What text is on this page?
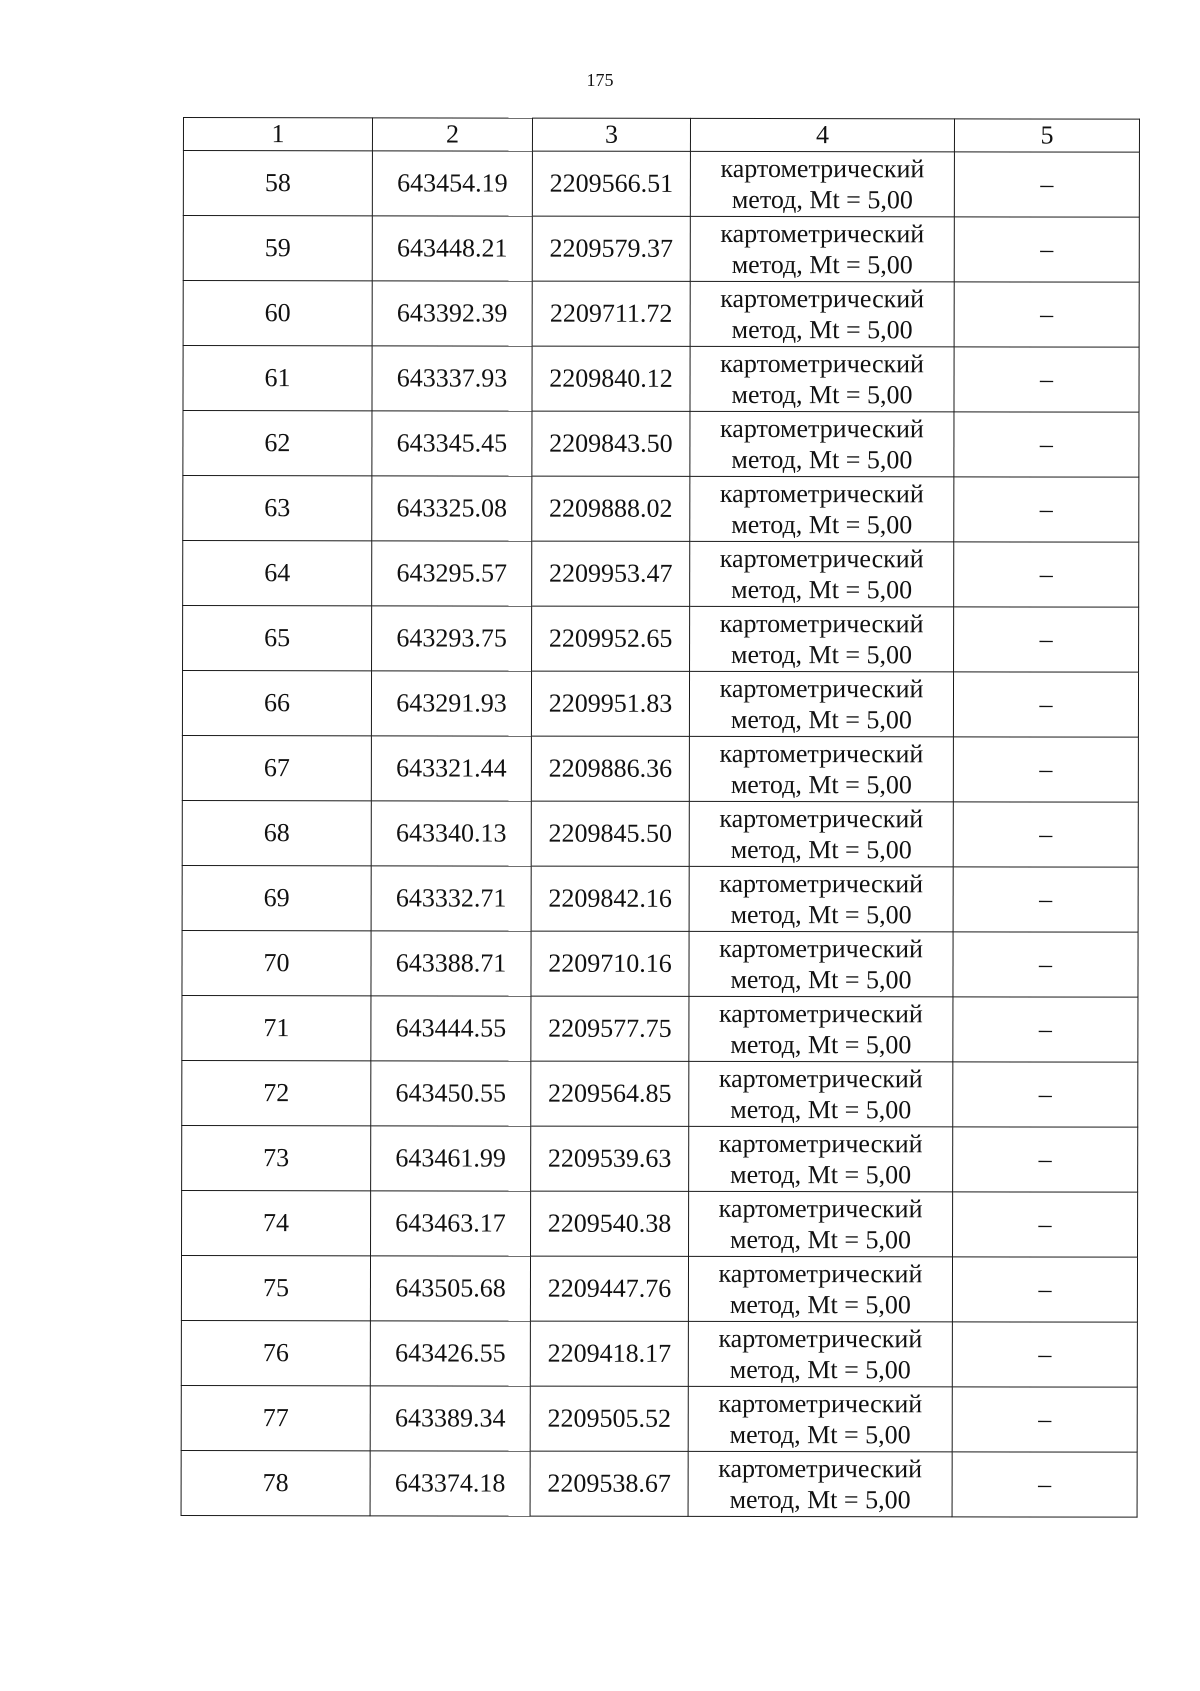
175
1	2	3	4	5
58	643454.19	2209566.51	картометрический
метод, Mt = 5,00	–
59	643448.21	2209579.37	картометрический
метод, Mt = 5,00	–
60	643392.39	2209711.72	картометрический
метод, Mt = 5,00	–
61	643337.93	2209840.12	картометрический
метод, Mt = 5,00	–
62	643345.45	2209843.50	картометрический
метод, Mt = 5,00	–
63	643325.08	2209888.02	картометрический
метод, Mt = 5,00	–
64	643295.57	2209953.47	картометрический
метод, Mt = 5,00	–
65	643293.75	2209952.65	картометрический
метод, Mt = 5,00	–
66	643291.93	2209951.83	картометрический
метод, Mt = 5,00	–
67	643321.44	2209886.36	картометрический
метод, Mt = 5,00	–
68	643340.13	2209845.50	картометрический
метод, Mt = 5,00	–
69	643332.71	2209842.16	картометрический
метод, Mt = 5,00	–
70	643388.71	2209710.16	картометрический
метод, Mt = 5,00	–
71	643444.55	2209577.75	картометрический
метод, Mt = 5,00	–
72	643450.55	2209564.85	картометрический
метод, Mt = 5,00	–
73	643461.99	2209539.63	картометрический
метод, Mt = 5,00	–
74	643463.17	2209540.38	картометрический
метод, Mt = 5,00	–
75	643505.68	2209447.76	картометрический
метод, Mt = 5,00	–
76	643426.55	2209418.17	картометрический
метод, Mt = 5,00	–
77	643389.34	2209505.52	картометрический
метод, Mt = 5,00	–
78	643374.18	2209538.67	картометрический
метод, Mt = 5,00	–
